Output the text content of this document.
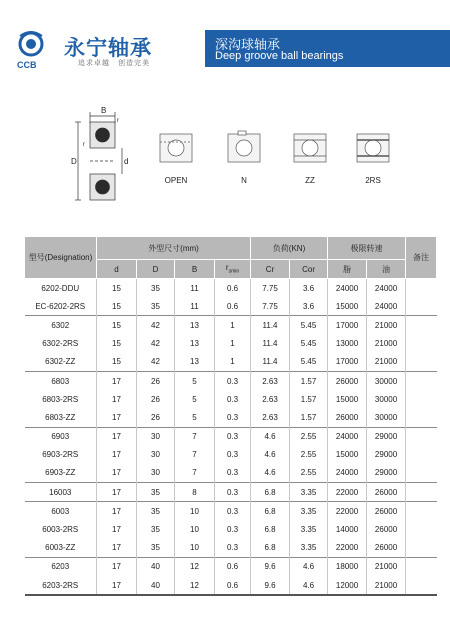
CCB
永宁轴承
追求卓越　创造完美
深沟球轴承
Deep groove ball bearings
B
r
r
D	d
OPEN	N	ZZ	2RS
型号(Designation)	外型尺寸(mm)				负荷(KN)		极限转速		备注
	d	D	B	$r_{smin}$	Cr	Cor	脂	油	
6202-DDU	15	35	11	0.6	7.75	3.6	24000	24000	
EC-6202-2RS	15	35	11	0.6	7.75	3.6	15000	24000	
6302	15	42	13	1	11.4	5.45	17000	21000	
6302-2RS	15	42	13	1	11.4	5.45	13000	21000	
6302-ZZ	15	42	13	1	11.4	5.45	17000	21000	
6803	17	26	5	0.3	2.63	1.57	26000	30000	
6803-2RS	17	26	5	0.3	2.63	1.57	15000	30000	
6803-ZZ	17	26	5	0.3	2.63	1.57	26000	30000	
6903	17	30	7	0.3	4.6	2.55	24000	29000	
6903-2RS	17	30	7	0.3	4.6	2.55	15000	29000	
6903-ZZ	17	30	7	0.3	4.6	2.55	24000	29000	
16003	17	35	8	0.3	6.8	3.35	22000	26000	
6003	17	35	10	0.3	6.8	3.35	22000	26000	
6003-2RS	17	35	10	0.3	6.8	3.35	14000	26000	
6003-ZZ	17	35	10	0.3	6.8	3.35	22000	26000	
6203	17	40	12	0.6	9.6	4.6	18000	21000	
6203-2RS	17	40	12	0.6	9.6	4.6	12000	21000	
